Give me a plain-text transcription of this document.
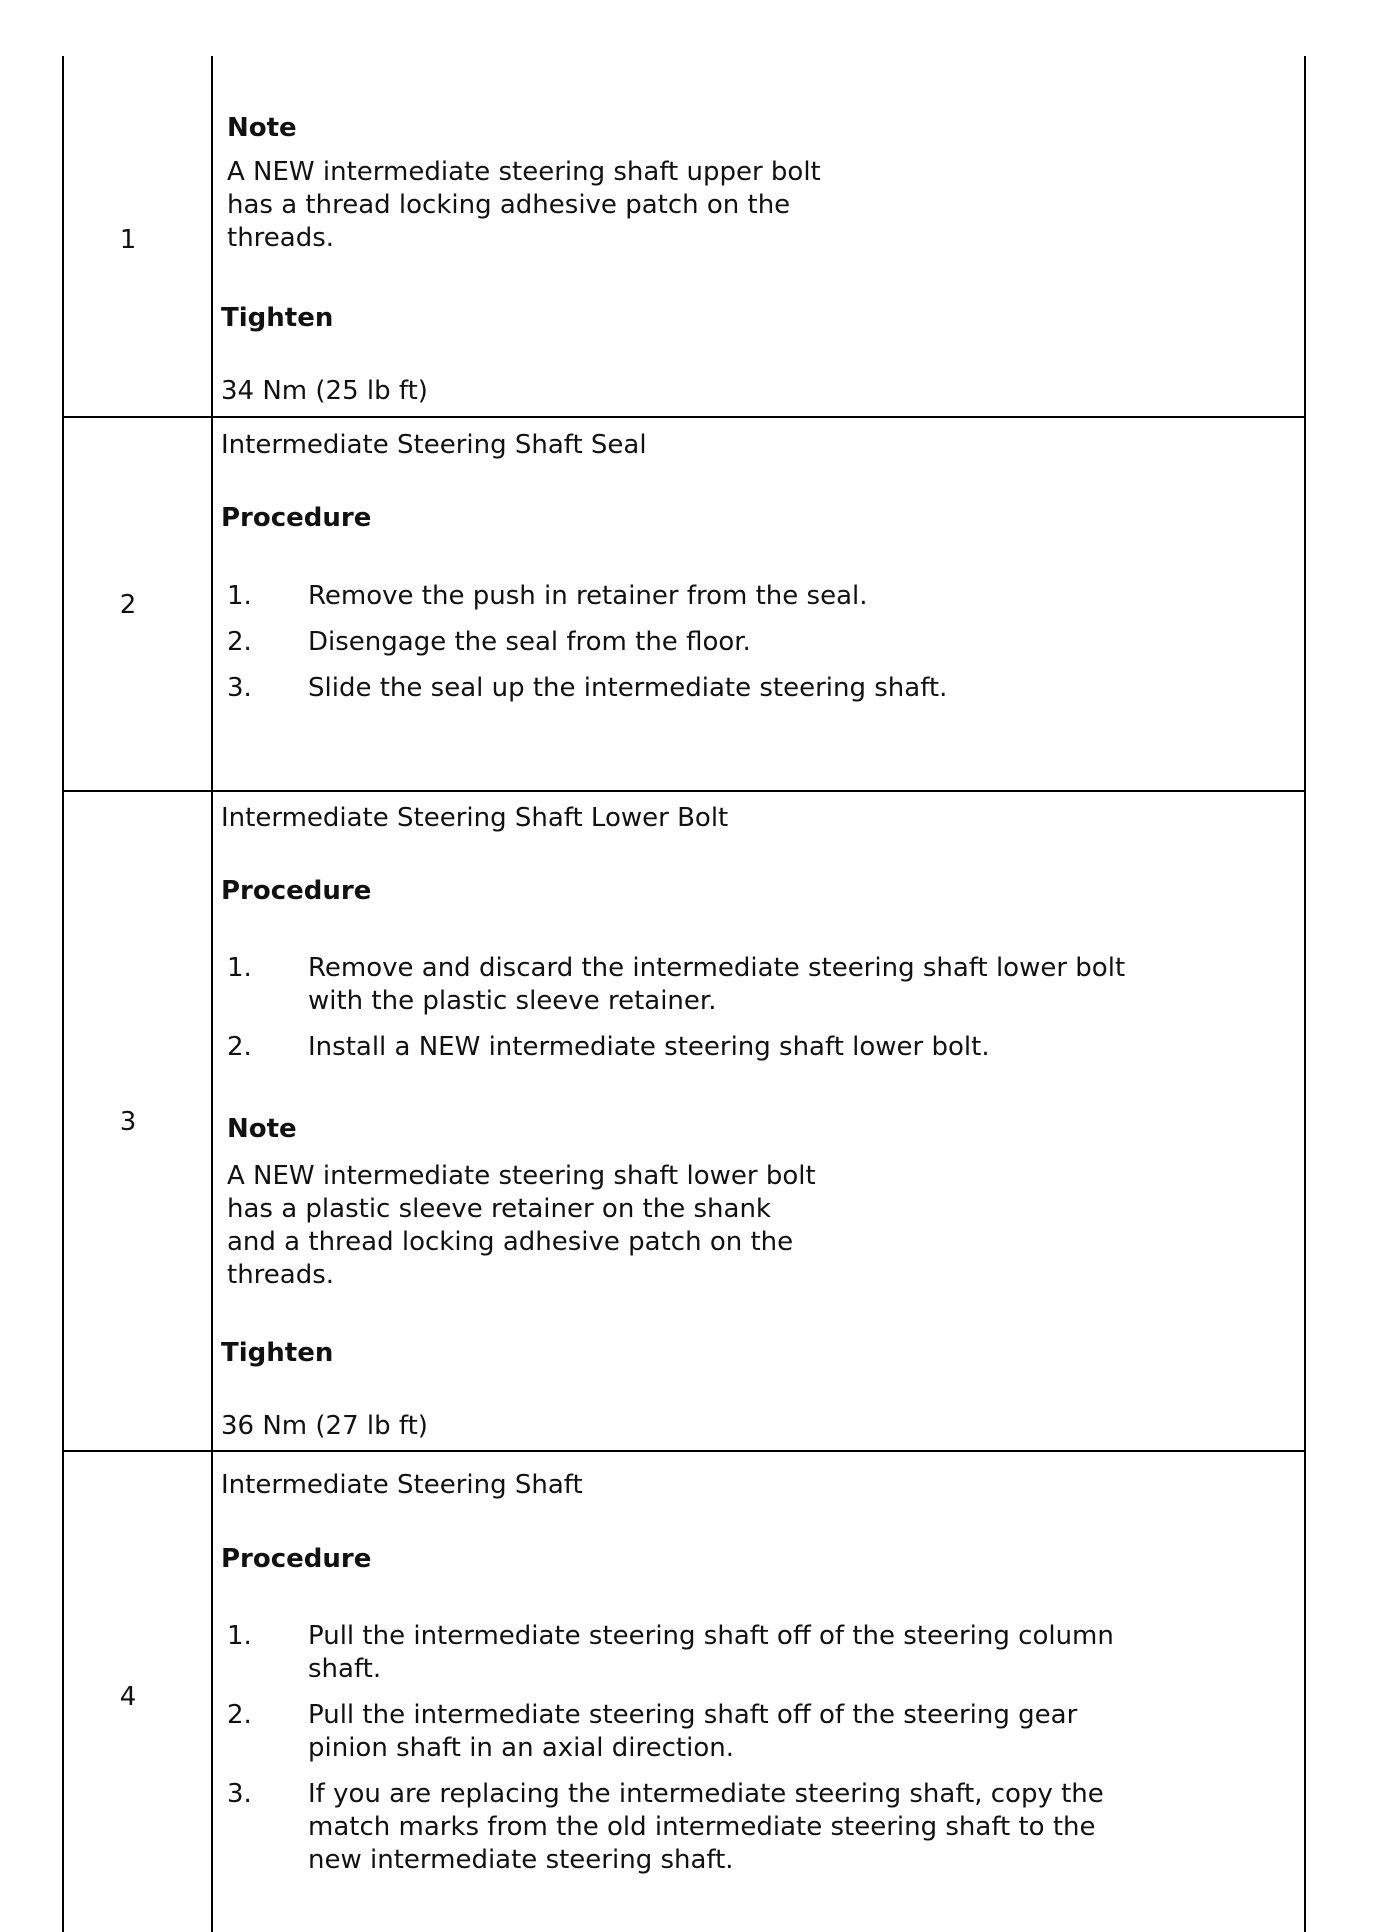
1
Note
A NEW intermediate steering shaft upper bolt
has a thread locking adhesive patch on the
threads.
Tighten
34 Nm (25 lb ft)
2
Intermediate Steering Shaft Seal
Procedure
1. Remove the push in retainer from the seal.
2. Disengage the seal from the floor.
3. Slide the seal up the intermediate steering shaft.
3
Intermediate Steering Shaft Lower Bolt
Procedure
1. Remove and discard the intermediate steering shaft lower bolt
with the plastic sleeve retainer.
2. Install a NEW intermediate steering shaft lower bolt.
Note
A NEW intermediate steering shaft lower bolt
has a plastic sleeve retainer on the shank
and a thread locking adhesive patch on the
threads.
Tighten
36 Nm (27 lb ft)
4
Intermediate Steering Shaft
Procedure
1. Pull the intermediate steering shaft off of the steering column
shaft.
2. Pull the intermediate steering shaft off of the steering gear
pinion shaft in an axial direction.
3. If you are replacing the intermediate steering shaft, copy the
match marks from the old intermediate steering shaft to the
new intermediate steering shaft.
